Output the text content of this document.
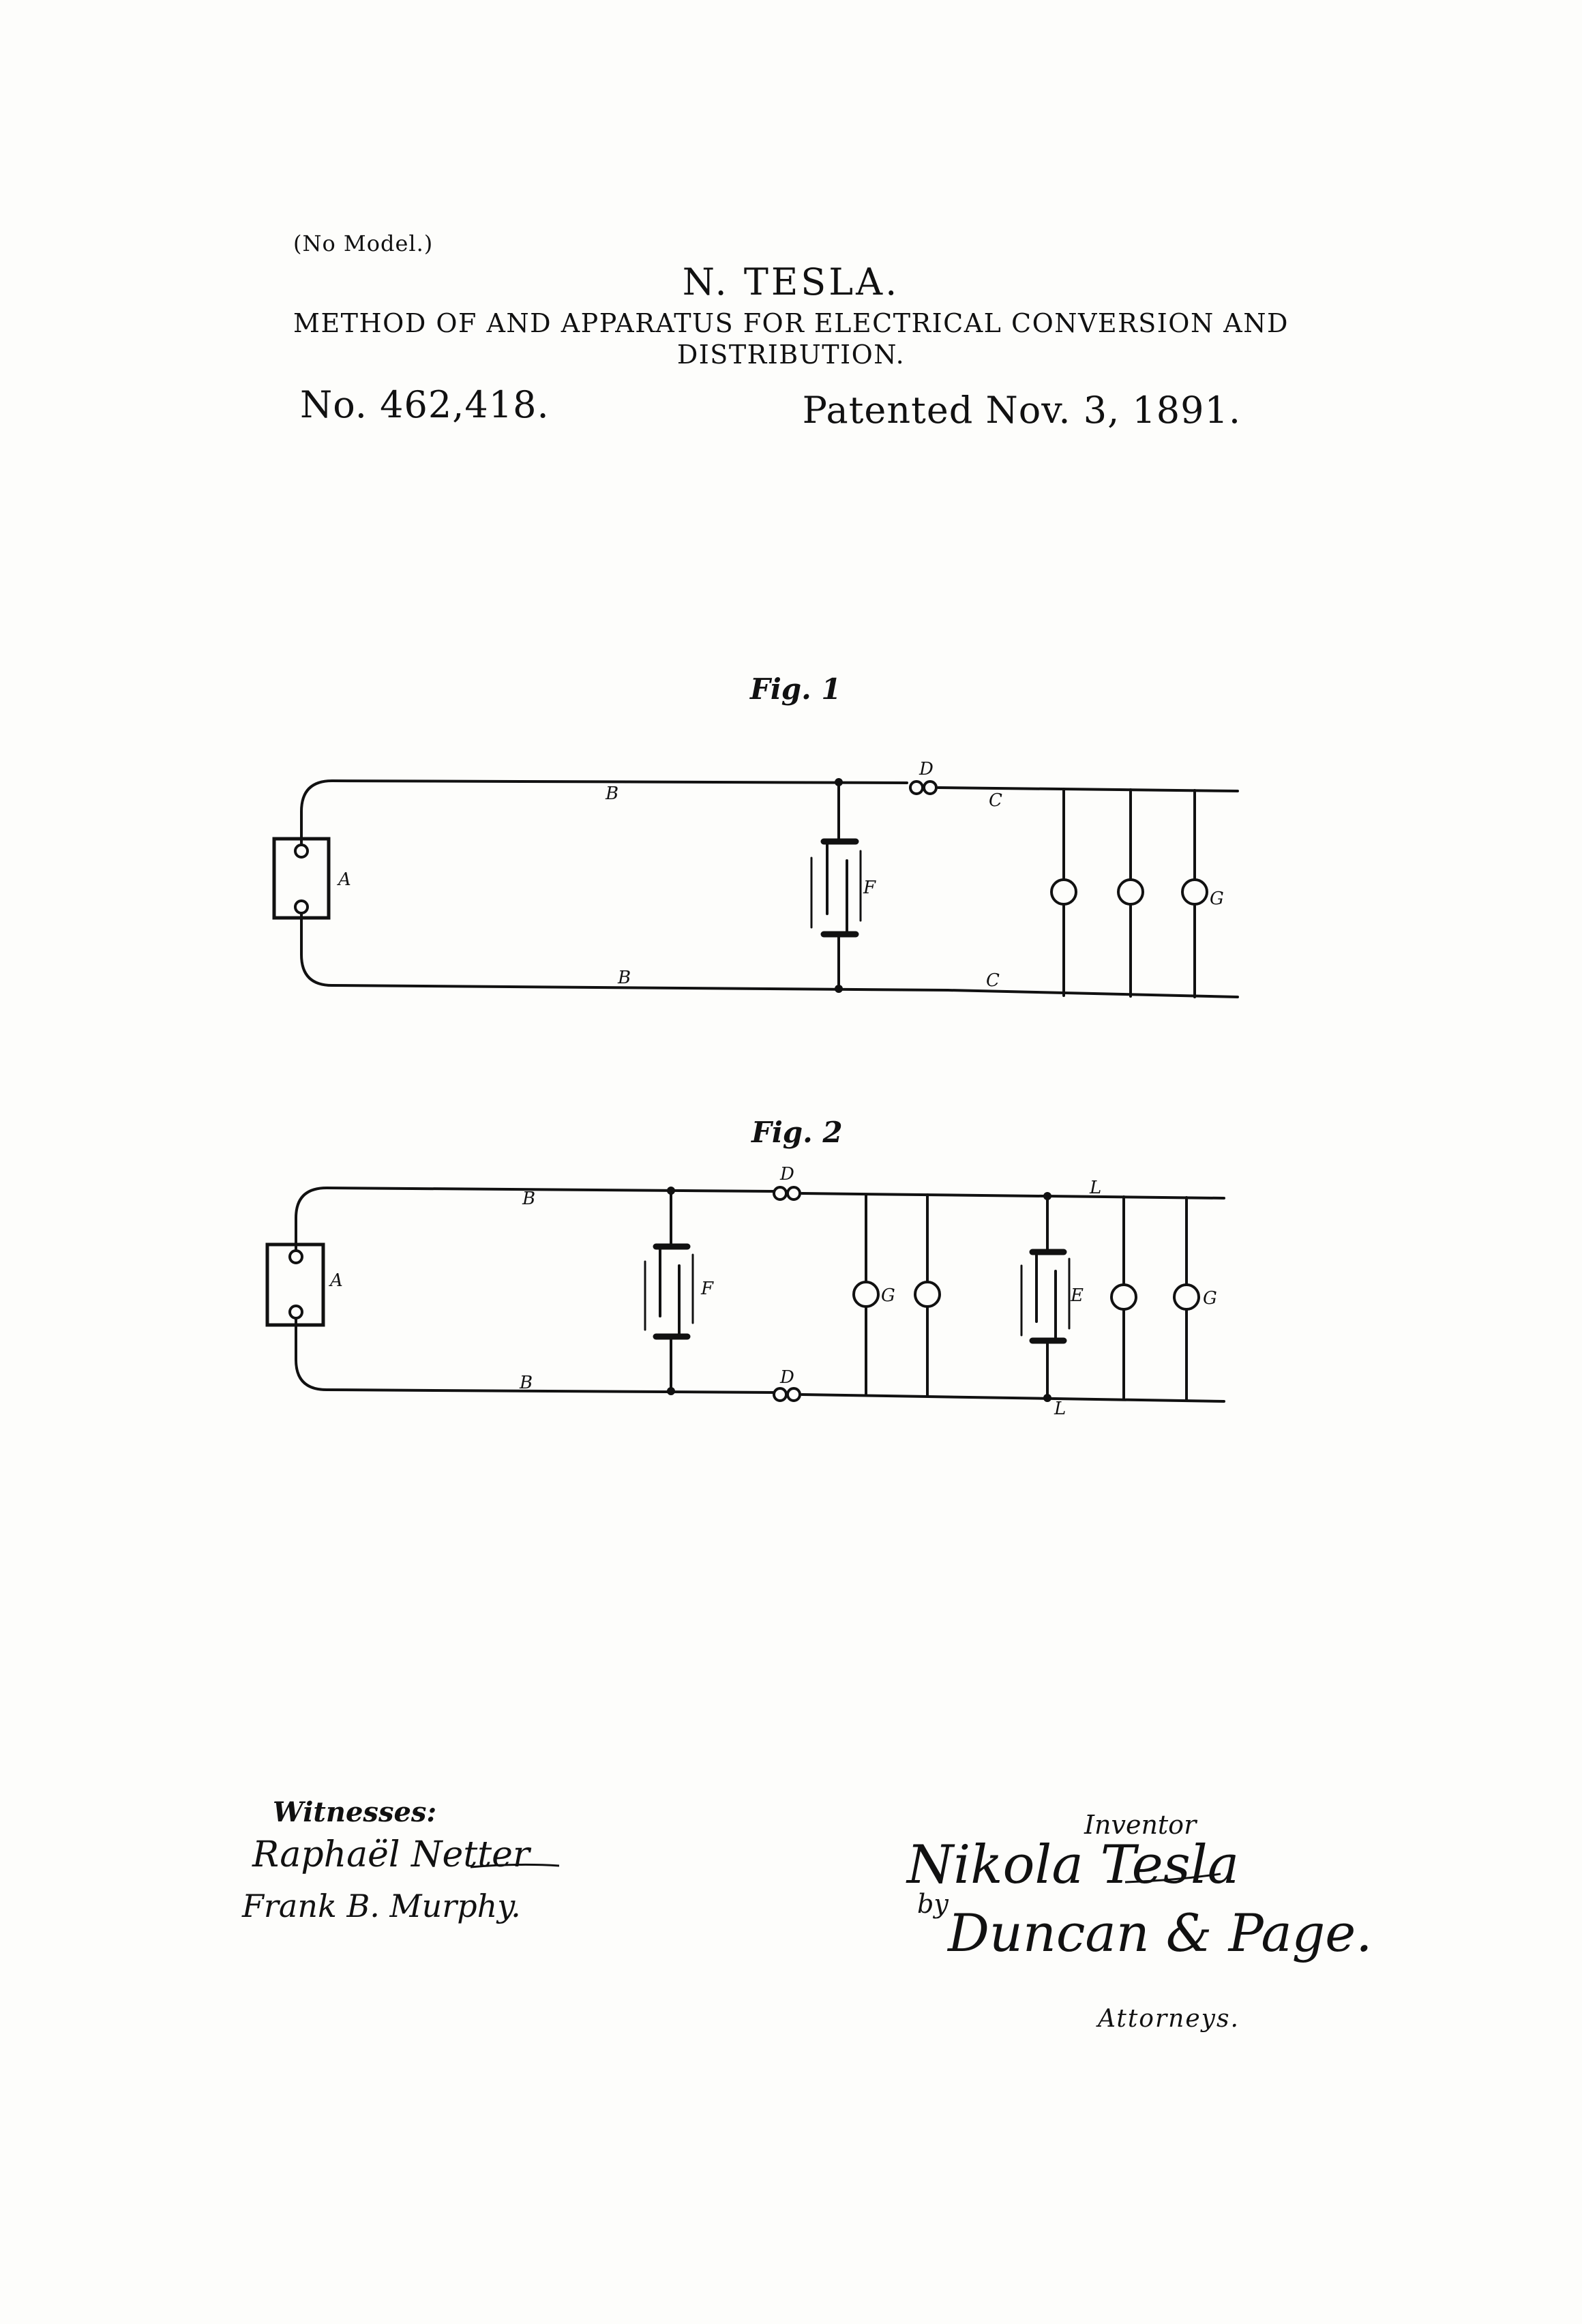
(No Model.)
N. TESLA.
METHOD OF AND APPARATUS FOR ELECTRICAL CONVERSION AND
DISTRIBUTION.
No. 462,418.	Patented Nov. 3, 1891.
Fig. 1
Fig. 2
A
B
B
F
D
C
C
G
A
B
B
F
D
D
G	E	G
L
L
Witnesses:
Raphaël Netter
Frank B. Murphy.
Inventor
Nikola Tesla
by Duncan & Page.
Attorneys.
